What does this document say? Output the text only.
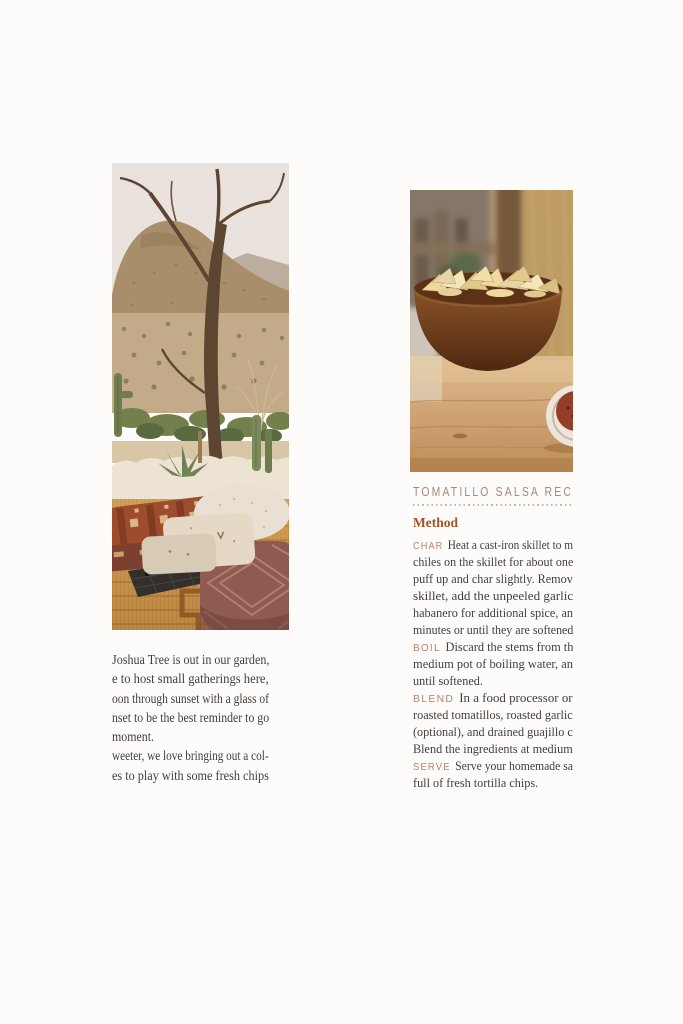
Joshua Tree is out in our garden,
e to host small gatherings here,
oon through sunset with a glass of
nset to be the best reminder to go
moment.
weeter, we love bringing out a col-
es to play with some fresh chips
TOMATILLO SALSA REC
Method
CHAR Heat a cast-iron skillet to m
chiles on the skillet for about one
puff up and char slightly. Remov
skillet, add the unpeeled garlic
habanero for additional spice, an
minutes or until they are softened
BOIL Discard the stems from th
medium pot of boiling water, an
until softened.
BLEND In a food processor or
roasted tomatillos, roasted garlic
(optional), and drained guajillo c
Blend the ingredients at medium
SERVE Serve your homemade sa
full of fresh tortilla chips.
